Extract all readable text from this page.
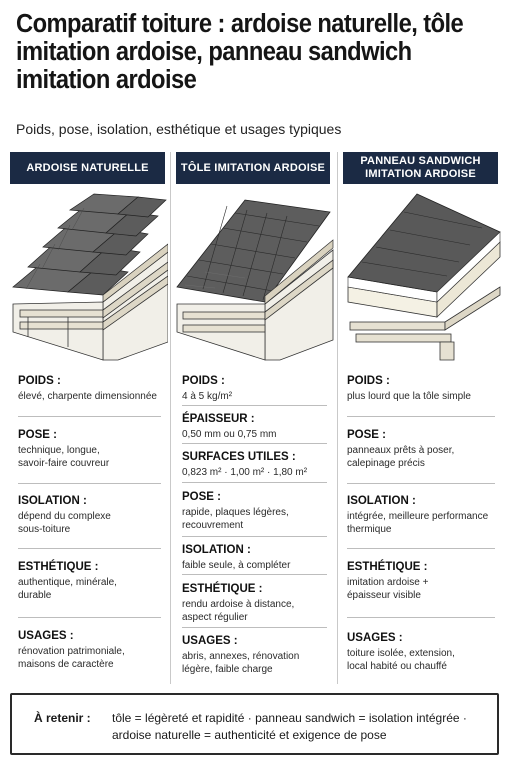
Comparatif toiture : ardoise naturelle, tôle imitation ardoise, panneau sandwich imitation ardoise
Poids, pose, isolation, esthétique et usages typiques
ARDOISE NATURELLE	TÔLE IMITATION ARDOISE
PANNEAU SANDWICH
IMITATION ARDOISE
POIDS :
élevé, charpente dimensionnée
POSE :
technique, longue,
savoir-faire couvreur
ISOLATION :
dépend du complexe
sous-toiture
ESTHÉTIQUE :
authentique, minérale,
durable
USAGES :
rénovation patrimoniale,
maisons de caractère
POIDS :
4 à 5 kg/m²
ÉPAISSEUR :
0,50 mm ou 0,75 mm
SURFACES UTILES :
0,823 m² · 1,00 m² · 1,80 m²
POSE :
rapide, plaques légères,
recouvrement
ISOLATION :
faible seule, à compléter
ESTHÉTIQUE :
rendu ardoise à distance,
aspect régulier
USAGES :
abris, annexes, rénovation
légère, faible charge
POIDS :
plus lourd que la tôle simple
POSE :
panneaux prêts à poser,
calepinage précis
ISOLATION :
intégrée, meilleure performance
thermique
ESTHÉTIQUE :
imitation ardoise +
épaisseur visible
USAGES :
toiture isolée, extension,
local habité ou chauffé
À retenir : tôle = légèreté et rapidité · panneau sandwich = isolation intégrée ·
ardoise naturelle = authenticité et exigence de pose
